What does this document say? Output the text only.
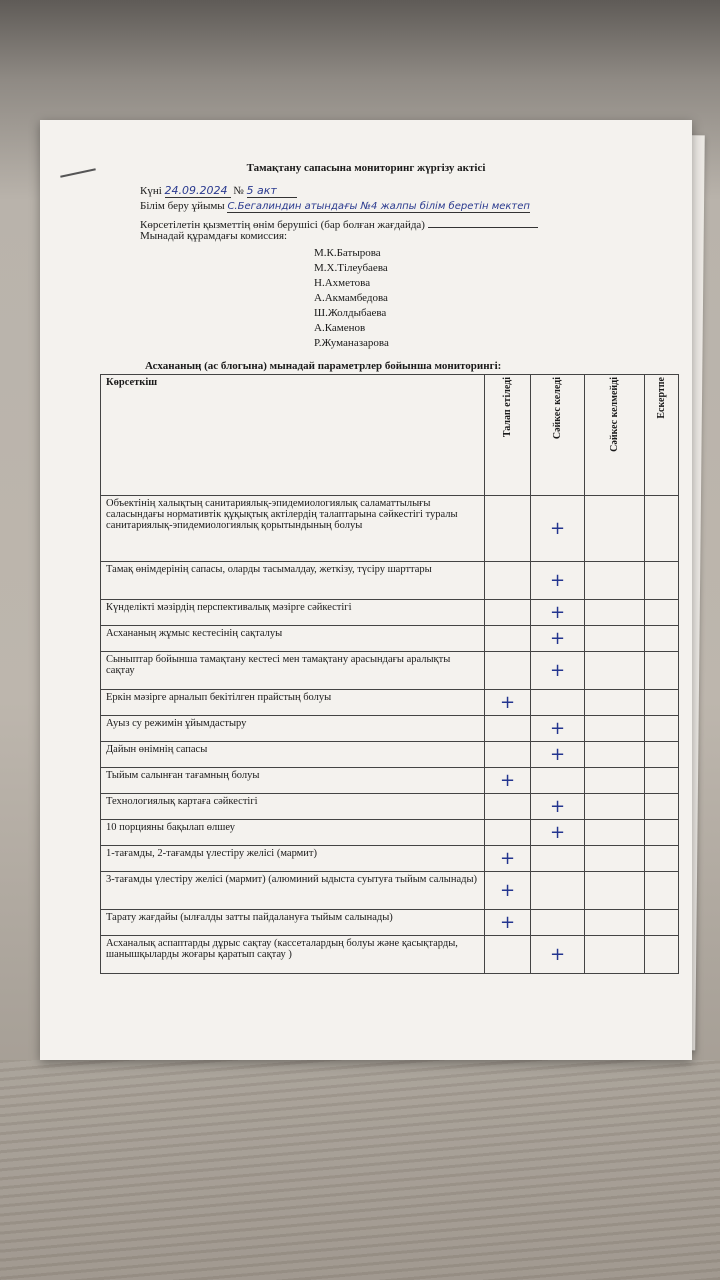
Тамақтану сапасына мониторинг жүргізу актісі
Күні 24.09.2024 № 5 акт
Білім беру ұйымы С.Бегалиндин атындағы №4 жалпы білім беретін мектеп
Көрсетілетін қызметтің өнім берушісі (бар болған жағдайда)
Мынадай құрамдағы комиссия:
М.К.Батырова
М.Х.Тілеубаева
Н.Ахметова
А.Акмамбедова
Ш.Жолдыбаева
А.Каменов
Р.Жуманазарова
Асхананың (ас блогына) мынадай параметрлер бойынша мониторингі:
Көрсеткіш	Талап етіледі	Сәйкес келеді	Сәйкес келмейді	Ескертпе

Объектінің халықтың санитариялық-эпидемиологиялық саламаттылығы саласындағы нормативтік құқықтық актілердің талаптарына сәйкестігі туралы санитариялық-эпидемиологиялық қорытындының болуы		+		
Тамақ өнімдерінің сапасы, оларды тасымалдау, жеткізу, түсіру шарттары		+		
Күнделікті мәзірдің перспективалық мәзірге сәйкестігі		+		
Асхананың жұмыс кестесінің сақталуы		+		
Сыныптар бойынша тамақтану кестесі мен тамақтану арасындағы аралықты сақтау		+		
Еркін мәзірге арналып бекітілген прайстың болуы	+			
Ауыз су режимін ұйымдастыру		+		
Дайын өнімнің сапасы		+		
Тыйым салынған тағамның болуы	+			
Технологиялық картаға сәйкестігі		+		
10 порцияны бақылап өлшеу		+		
1-тағамды, 2-тағамды үлестіру желісі (мармит)	+			
3-тағамды үлестіру желісі (мармит) (алюминий ыдыста суытуға тыйым салынады)	+			
Тарату жағдайы (ылғалды затты пайдалануға тыйым салынады)	+			
Асханалық аспаптарды дұрыс сақтау (кассеталардың болуы және қасықтарды, шанышқыларды жоғары қаратып сақтау )		+		
